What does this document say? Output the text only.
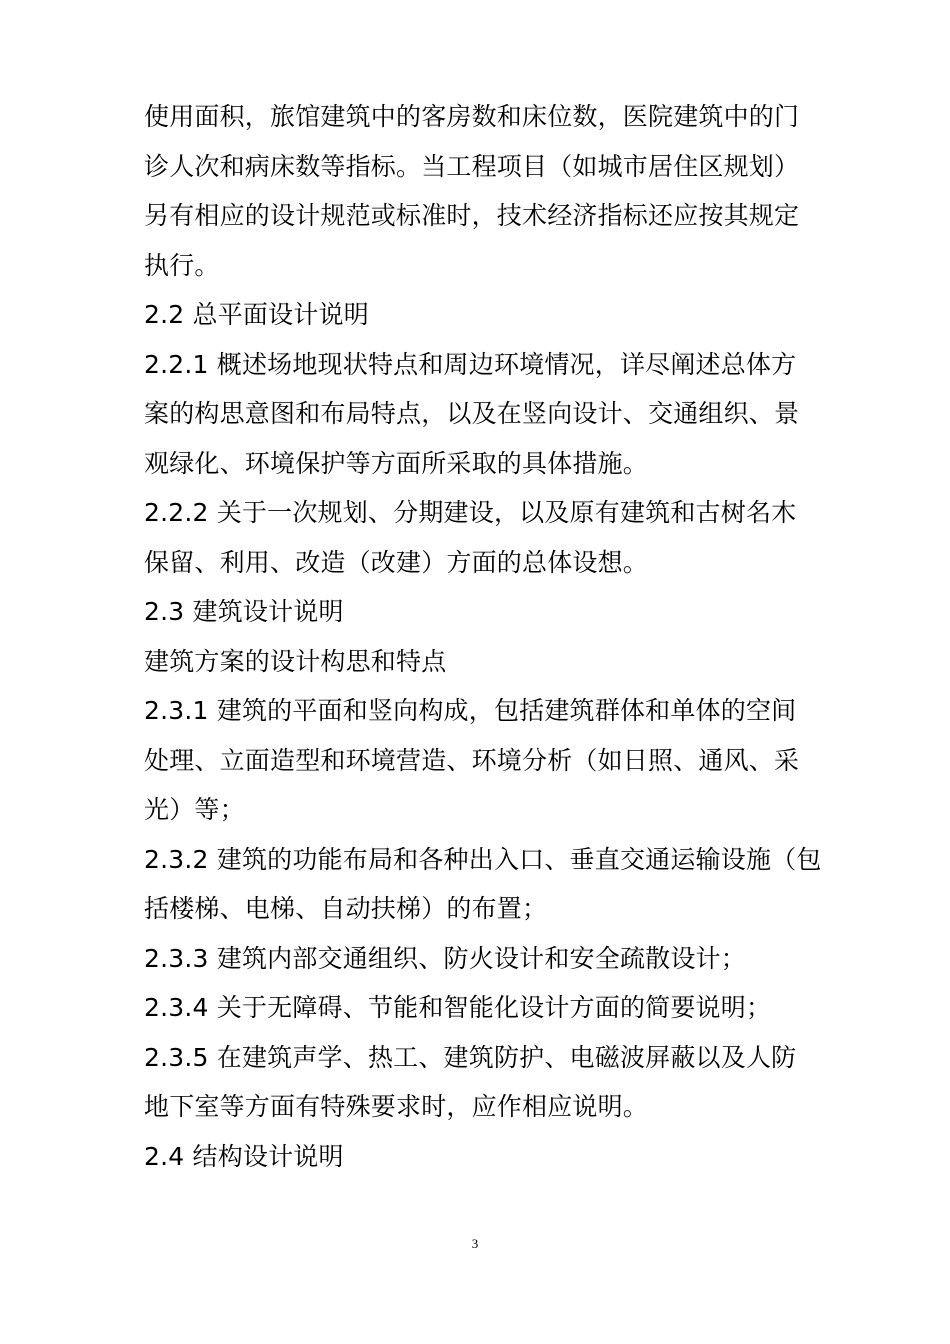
使用面积，旅馆建筑中的客房数和床位数，医院建筑中的门
诊人次和病床数等指标。当工程项目（如城市居住区规划）
另有相应的设计规范或标准时，技术经济指标还应按其规定
执行。
2.2 总平面设计说明
2.2.1 概述场地现状特点和周边环境情况，详尽阐述总体方
案的构思意图和布局特点，以及在竖向设计、交通组织、景
观绿化、环境保护等方面所采取的具体措施。
2.2.2 关于一次规划、分期建设，以及原有建筑和古树名木
保留、利用、改造（改建）方面的总体设想。
2.3 建筑设计说明
建筑方案的设计构思和特点
2.3.1 建筑的平面和竖向构成，包括建筑群体和单体的空间
处理、立面造型和环境营造、环境分析（如日照、通风、采
光）等；
2.3.2 建筑的功能布局和各种出入口、垂直交通运输设施（包
括楼梯、电梯、自动扶梯）的布置；
2.3.3 建筑内部交通组织、防火设计和安全疏散设计；
2.3.4 关于无障碍、节能和智能化设计方面的简要说明；
2.3.5 在建筑声学、热工、建筑防护、电磁波屏蔽以及人防
地下室等方面有特殊要求时，应作相应说明。
2.4 结构设计说明
3
